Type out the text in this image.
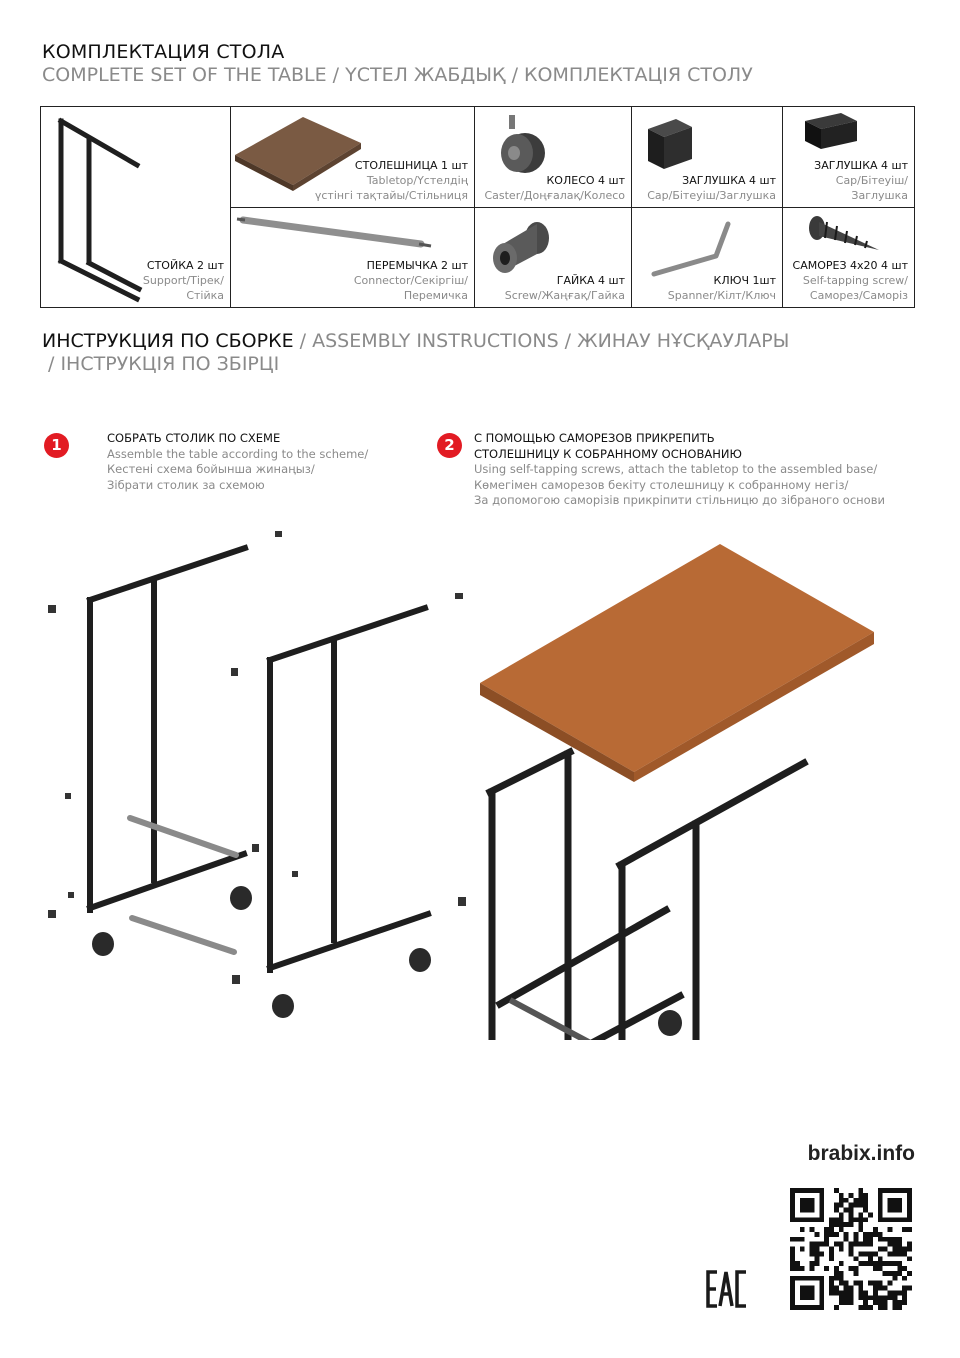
КОМПЛЕКТАЦИЯ СТОЛА
COMPLETE SET OF THE TABLE / ҮСТЕЛ ЖАБДЫҚ / КОМПЛЕКТАЦІЯ СТОЛУ
СТОЙКА 2 шт
Support/Тірек/
Стійка
СТОЛЕШНИЦА 1 шт
Tabletop/Үстелдің
үстінгі тақтайы/Стільниця
КОЛЕСО 4 шт
Caster/Доңғалақ/Колесо
ЗАГЛУШКА 4 шт
Cap/Бітеуіш/Заглушка
ЗАГЛУШКА 4 шт
Cap/Бітеуіш/Заглушка
ПЕРЕМЫЧКА 2 шт
Connector/Секіргіш/
Перемичка
ГАЙКА 4 шт
Screw/Жаңғақ/Гайка
КЛЮЧ 1шт
Spanner/Кілт/Ключ
САМОРЕЗ 4х20 4 шт
Self-tapping screw/
Саморез/Саморіз
ИНСТРУКЦИЯ ПО СБОРКЕ / ASSEMBLY INSTRUCTIONS / ЖИНАУ НҰСҚАУЛАРЫ
/ ІНСТРУКЦІЯ ПО ЗБІРЦІ
1	СОБРАТЬ СТОЛИК ПО СХЕМЕ
Assemble the table according to the scheme/
Кестені схема бойынша жинаңыз/
Зібрати столик за схемою
2	С ПОМОЩЬЮ САМОРЕЗОВ ПРИКРЕПИТЬ
СТОЛЕШНИЦУ К СОБРАННОМУ ОСНОВАНИЮ
Using self-tapping screws, attach the tabletop to the assembled base/
Көмегімен саморезов бекіту столешницу к собранному негіз/
За допомогою саморізів прикріпити стільницю до зібраного основи
brabix.info
